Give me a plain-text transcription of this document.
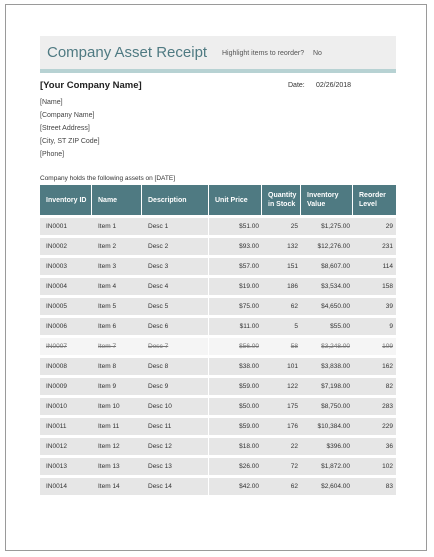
Company Asset Receipt Highlight items to reorder? No
[Your Company Name]	Date: 02/26/2018
[Name]
[Company Name]
[Street Address]
[City, ST ZIP Code]
[Phone]
Company holds the following assets on [DATE]
Inventory ID	Name	Description	Unit Price	Quantity in Stock	Inventory Value	Reorder Level
IN0001	Item 1	Desc 1	$51.00	25	$1,275.00	29
IN0002	Item 2	Desc 2	$93.00	132	$12,276.00	231
IN0003	Item 3	Desc 3	$57.00	151	$8,607.00	114
IN0004	Item 4	Desc 4	$19.00	186	$3,534.00	158
IN0005	Item 5	Desc 5	$75.00	62	$4,650.00	39
IN0006	Item 6	Desc 6	$11.00	5	$55.00	9
IN0007	Item 7	Desc 7	$56.00	58	$3,248.00	109
IN0008	Item 8	Desc 8	$38.00	101	$3,838.00	162
IN0009	Item 9	Desc 9	$59.00	122	$7,198.00	82
IN0010	Item 10	Desc 10	$50.00	175	$8,750.00	283
IN0011	Item 11	Desc 11	$59.00	176	$10,384.00	229
IN0012	Item 12	Desc 12	$18.00	22	$396.00	36
IN0013	Item 13	Desc 13	$26.00	72	$1,872.00	102
IN0014	Item 14	Desc 14	$42.00	62	$2,604.00	83
